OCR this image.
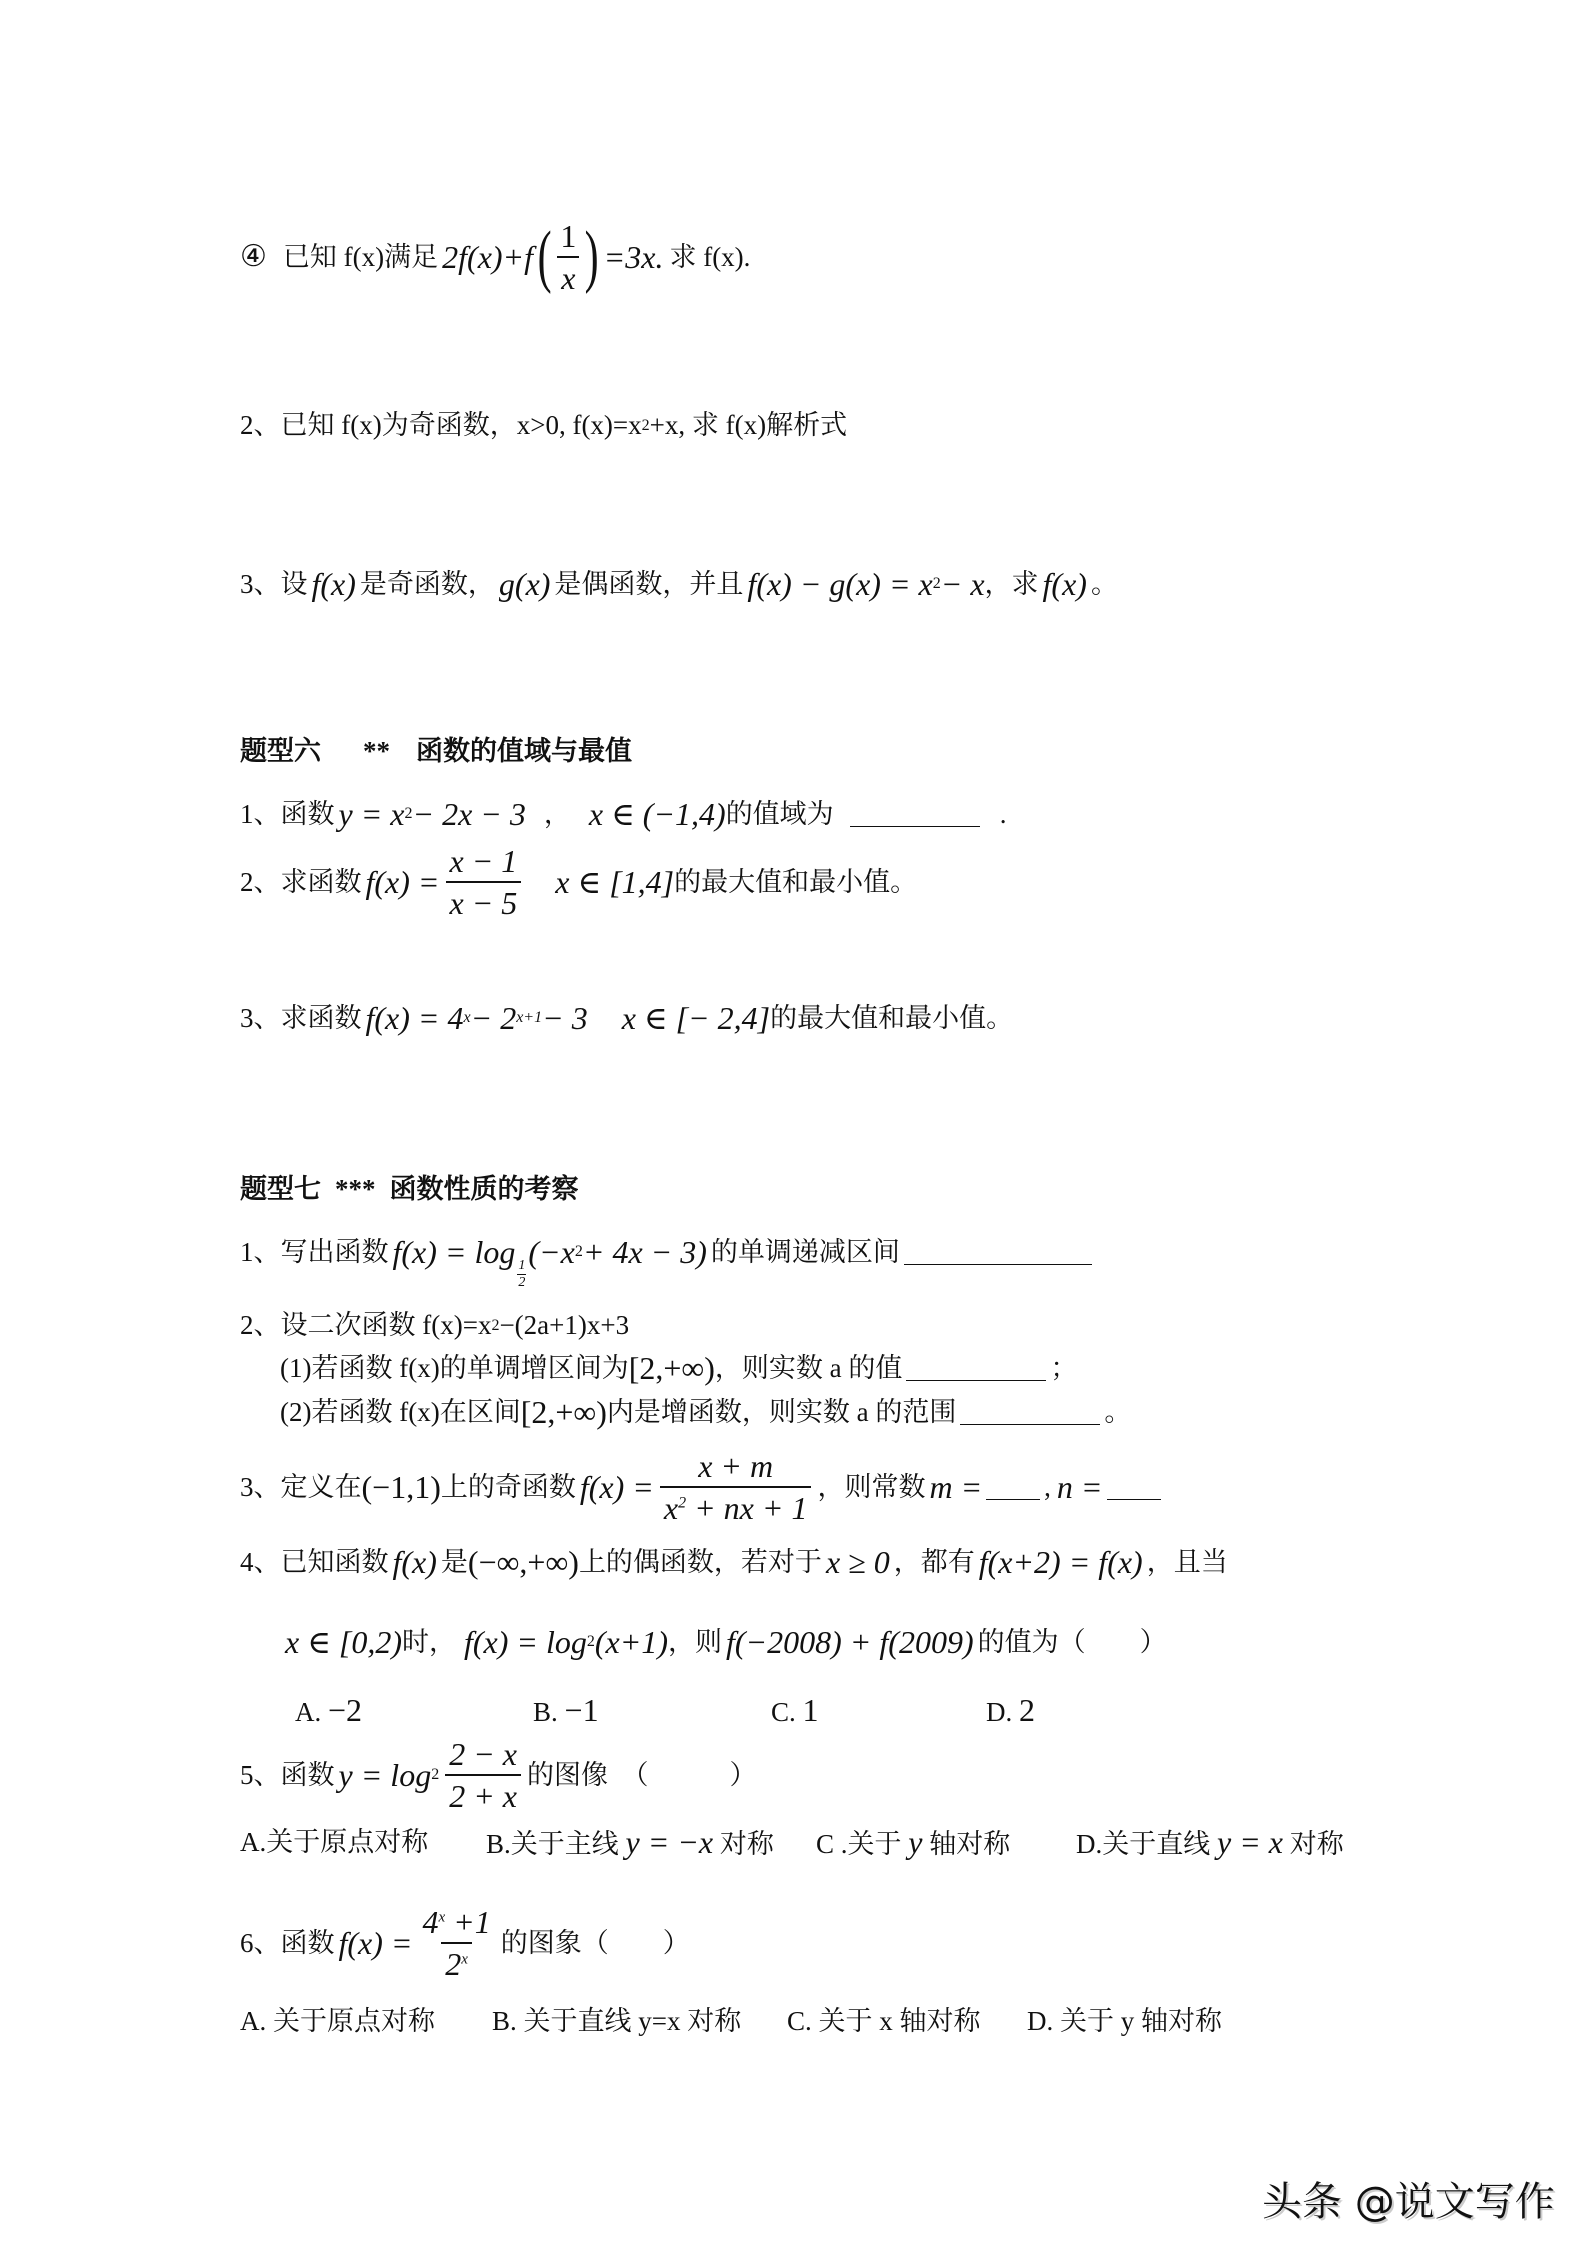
④ 已知 f(x)满足 2f(x)+f ( $\frac{1}{x}$ ) =3x. 求 f(x).
2、已知 f(x)为奇函数，x>0, f(x)=x 2 +x, 求 f(x)解析式
3、设 f(x) 是奇函数， g(x) 是偶函数，并且 f(x) − g(x) = x 2 − x ，求 f(x) 。
题型六 ** 函数的值域与最值
1、函数 y = x 2 − 2x − 3 ， x ∈ (−1,4) 的值域为	.
2、求函数 $f(x) = \frac{x - 1}{x - 5}$ x ∈ [1,4] 的最大值和最小值。
3、求函数 f(x) = 4 x − 2 x+1 − 3 x ∈ [− 2,4] 的最大值和最小值。
题型七 *** 函数性质的考察
1、写出函数 f(x) = log
$\frac{1}{2}$
(−x 2 + 4x − 3) 的单调递减区间
2、设二次函数 f(x)=x 2 −(2a+1)x+3
(1)若函数 f(x)的单调增区间为 [2,+∞) ，则实数 a 的值	；
(2)若函数 f(x)在区间 [2,+∞) 内是增函数，则实数 a 的范围	。
3、定义在 (−1,1) 上的奇函数 $f(x) = \frac{x + m}{x^2 + nx + 1}$ ，则常数 m = , n =
4、已知函数 f(x) 是 (−∞,+∞) 上的偶函数，若对于 x ≥ 0 ，都有 f(x+2) = f(x) ，且当
x ∈ [0,2) 时， f(x) = log 2 (x+1) ，则 f(−2008) + f(2009) 的值为（　　）
A. −2	B. −1	C. 1	D. 2
5、函数 $y = \log 2 \frac{2 - x}{2 + x}$ 的图像　（　　　）
A.关于原点对称	B.关于主线 y = −x 对称	C .关于 y 轴对称	D.关于直线 y = x 对称
6、函数 $f(x) = \frac{4^x +1}{2^x}$ 的图象（　　）
A. 关于原点对称	B. 关于直线 y=x 对称	C. 关于 x 轴对称	D. 关于 y 轴对称
头条 @说文写作
